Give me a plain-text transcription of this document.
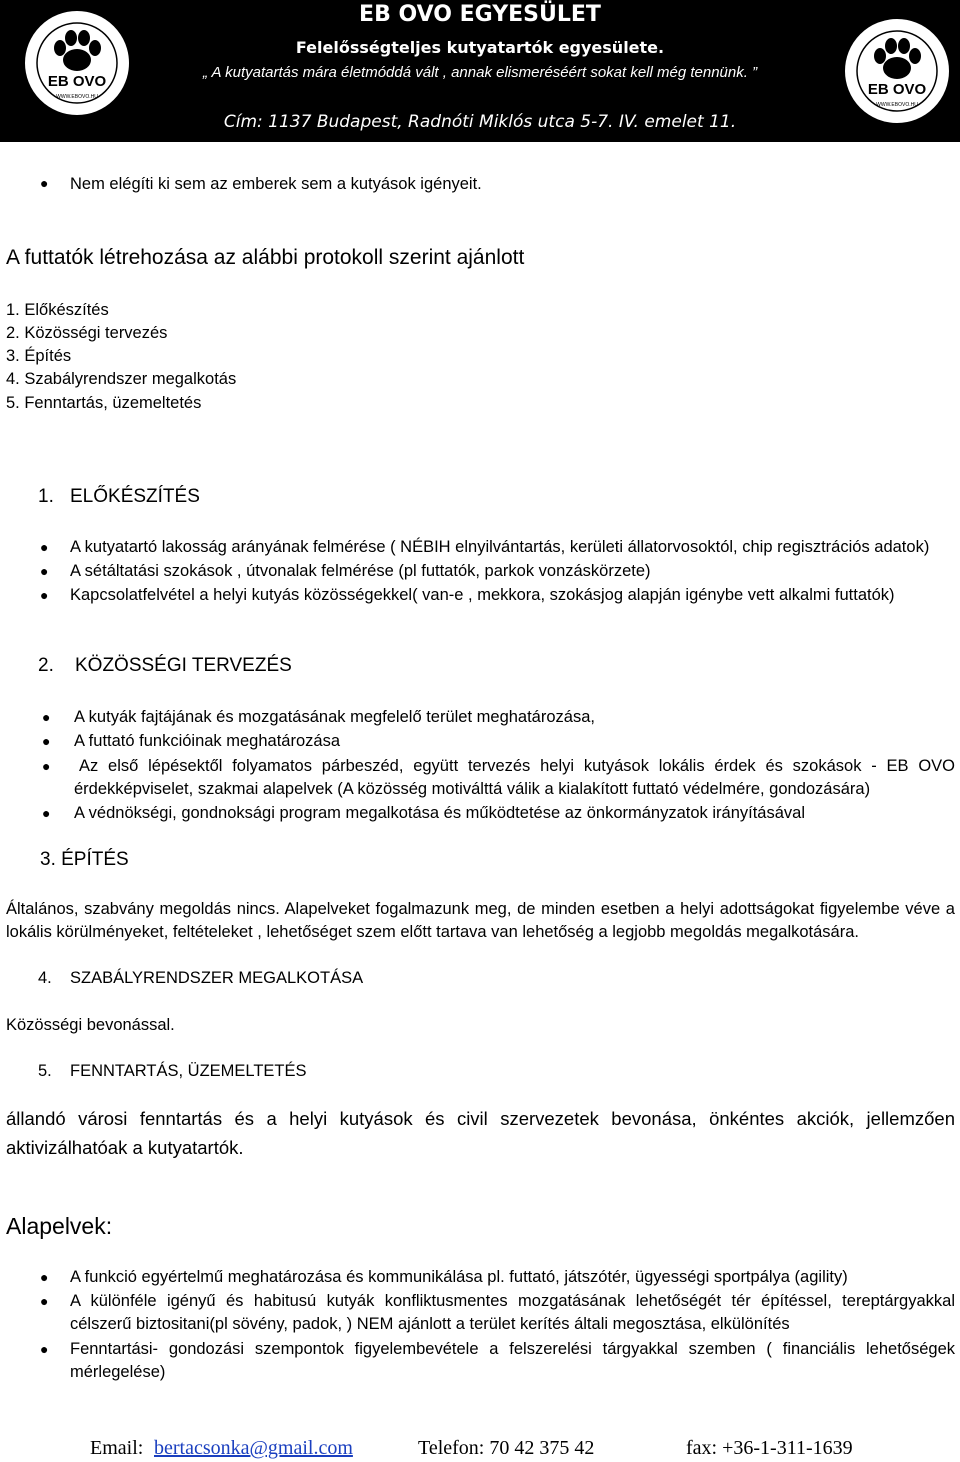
EB OVO
WWW.EBOVO.HU	EB OVO
WWW.EBOVO.HU
EB OVO EGYESÜLET
Felelősségteljes kutyatartók egyesülete.
„ A kutyatartás mára életmóddá vált , annak elismeréséért sokat kell még tennünk. ”
Cím: 1137 Budapest, Radnóti Miklós utca 5-7. IV. emelet 11.
● Nem elégíti ki sem az emberek sem a kutyások igényeit.
A futtatók létrehozása az alábbi protokoll szerint ajánlott
1. Előkészítés
2. Közösségi tervezés
3. Építés
4. Szabályrendszer megalkotás
5. Fenntartás, üzemeltetés
1. ELŐKÉSZÍTÉS
● A kutyatartó lakosság arányának felmérése ( NÉBIH elnyilvántartás, kerületi állatorvosoktól, chip regisztrációs adatok)
● A sétáltatási szokások , útvonalak felmérése (pl futtatók, parkok vonzáskörzete)
● Kapcsolatfelvétel a helyi kutyás közösségekkel( van-e , mekkora, szokásjog alapján igénybe vett alkalmi futtatók)
2. KÖZÖSSÉGI TERVEZÉS
● A kutyák fajtájának és mozgatásának megfelelő terület meghatározása,
● A futtató funkcióinak meghatározása
● Az első lépésektől folyamatos párbeszéd, együtt tervezés helyi kutyások lokális érdek és szokások - EB OVO
érdekképviselet, szakmai alapelvek (A közösség motiválttá válik a kialakított futtató védelmére, gondozására)
● A védnökségi, gondnoksági program megalkotása és működtetése az önkormányzatok irányításával
3. ÉPÍTÉS
Általános, szabvány megoldás nincs. Alapelveket fogalmazunk meg, de minden esetben a helyi adottságokat figyelembe véve a
lokális körülményeket, feltételeket , lehetőséget szem előtt tartava van lehetőség a legjobb megoldás megalkotására.
4. SZABÁLYRENDSZER MEGALKOTÁSA
Közösségi bevonással.
5. FENNTARTÁS, ÜZEMELTETÉS
állandó városi fenntartás és a helyi kutyások és civil szervezetek bevonása, önkéntes akciók, jellemzően
aktivizálhatóak a kutyatartók.
Alapelvek:
● A funkció egyértelmű meghatározása és kommunikálása pl. futtató, játszótér, ügyességi sportpálya (agility)
● A különféle igényű és habitusú kutyák konfliktusmentes mozgatásának lehetőségét tér építéssel, tereptárgyakkal
célszerű biztositani(pl sövény, padok, ) NEM ajánlott a terület kerítés általi megosztása, elkülönítés
● Fenntartási- gondozási szempontok figyelembevétele a felszerelési tárgyakkal szemben ( financiális lehetőségek
mérlegelése)
Email: bertacsonka@gmail.com	Telefon: 70 42 375 42	fax: +36-1-311-1639
